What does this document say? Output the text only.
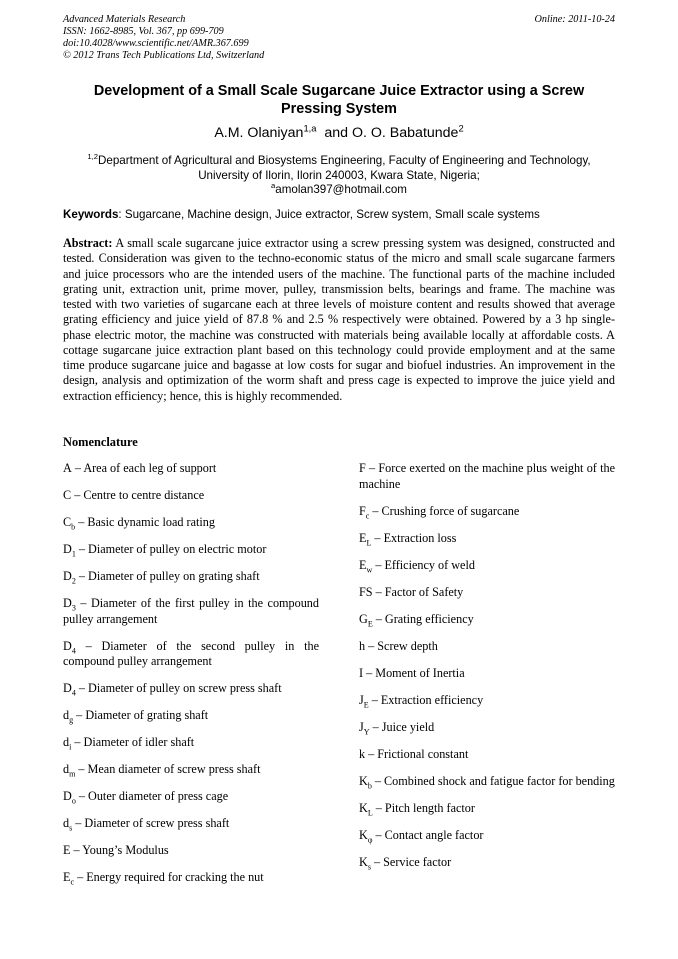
Advanced Materials Research
ISSN: 1662-8985, Vol. 367, pp 699-709
doi:10.4028/www.scientific.net/AMR.367.699
© 2012 Trans Tech Publications Ltd, Switzerland
Online: 2011-10-24
Development of a Small Scale Sugarcane Juice Extractor using a Screw Pressing System
A.M. Olaniyan$^{1,a}$ and O. O. Babatunde$^2$
$^{1,2}$Department of Agricultural and Biosystems Engineering, Faculty of Engineering and Technology, University of Ilorin, Ilorin 240003, Kwara State, Nigeria;
$^a$amolan397@hotmail.com
Keywords: Sugarcane, Machine design, Juice extractor, Screw system, Small scale systems

Abstract: A small scale sugarcane juice extractor using a screw pressing system was designed, constructed and tested. Consideration was given to the techno-economic status of the micro and small scale sugarcane farmers and juice processors who are the intended users of the machine. The functional parts of the machine included grating unit, extraction unit, prime mover, pulley, transmission belts, bearings and frame. The machine was tested with two varieties of sugarcane each at three levels of moisture content and results showed that average grating efficiency and juice yield of 87.8 % and 2.5 % respectively were obtained. Powered by a 3 hp single-phase electric motor, the machine was constructed with materials being available locally at affordable costs. A cottage sugarcane juice extraction plant based on this technology could provide employment and at the same time produce sugarcane juice and bagasse at low costs for sugar and biofuel industries. An improvement in the design, analysis and optimization of the worm shaft and press cage is expected to improve the juice yield and extraction efficiency; hence, this is highly recommended.

Nomenclature

A – Area of each leg of support

C – Centre to centre distance

$C_b$ – Basic dynamic load rating

$D_1$ – Diameter of pulley on electric motor

$D_2$ – Diameter of pulley on grating shaft

$D_3$ – Diameter of the first pulley in the compound pulley arrangement

$D_4$ – Diameter of the second pulley in the compound pulley arrangement

$D_4$ – Diameter of pulley on screw press shaft

$d_g$ – Diameter of grating shaft

$d_i$ – Diameter of idler shaft

$d_m$ – Mean diameter of screw press shaft

$D_o$ – Outer diameter of press cage

$d_s$ – Diameter of screw press shaft

E – Young’s Modulus

$E_c$ – Energy required for cracking the nut

F – Force exerted on the machine plus weight of the machine

$F_c$ – Crushing force of sugarcane

$E_L$ – Extraction loss

$E_w$ – Efficiency of weld

FS – Factor of Safety

$G_E$ – Grating efficiency

h – Screw depth

I – Moment of Inertia

$J_E$ – Extraction efficiency

$J_Y$ – Juice yield

k – Frictional constant

$K_b$ – Combined shock and fatigue factor for bending

$K_L$ – Pitch length factor

$K_\varphi$ – Contact angle factor

$K_s$ – Service factor
